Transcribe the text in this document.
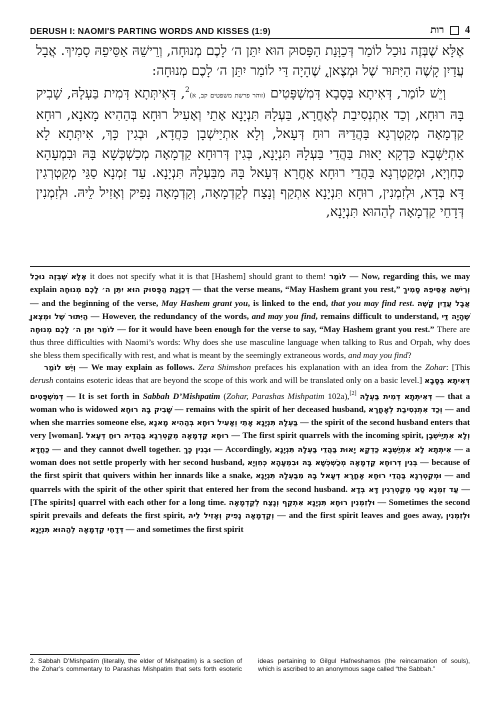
DERUSH I: NAOMI'S PARTING WORDS AND KISSES (1:9)	רות 4

אֶלָּא שֶׁבְּזֶה נוּכַל לוֹמַר דְּכַוָּנַת הַפָּסוּק הוּא יִתֵּן ה׳ לָכֶם מְנוּחָה, וְרֵישֵׁהּ אַסֵּיפֵהּ סָמִיךְ. אֲבָל עֲדַיִן קָשֶׁה הַיִּתּוּר שֶׁל וּמְצֶאןָ, שֶׁהָיָה דַּי לוֹמַר יִתֵּן ה׳ לָכֶם מְנוּחָה:

וְיֵשׁ לוֹמַר, דְּאִיתָא בְּסָבָא דְּמִשְׁפָּטִים (זוהר פרשת משפטים קב, א)$^2$, דְּאִיתְּתָא דְּמִית בַּעְלָהּ, שָׁבִיק בָּהּ רוּחָא, וְכַד אִתְנְסִיבַת לְאָחֳרָא, בַּעְלָהּ תִּנְיָנָא אָתֵי וְאָעִיל רוּחָא בְּהַהִיא מָאנָא, רוּחָא קַדְמָאָה מְקַטְרְגָא בַּהֲדֵיהּ רוּחַ דְּעָאל, וְלָא אִתְיַישְׁבָן כַּחֲדָא, וּבְגִין כָּךְ, אִיתְּתָא לָא אִתְיַשְּׁבָא כַּדְקָא יָאוּת בַּהֲדֵי בַּעְלָהּ תִּנְיָנָא, בְּגִין דְּרוּחָא קַדְמָאָה מְכַשְׁכְּשָׁא בָּהּ וּבִמְעָהָא כְּחִוְיָא, וּמְקַטְרְגָא בַּהֲדֵי רוּחָא אָחֳרָא דְּעָאל בָּהּ מִבַּעְלָהּ תִּנְיָנָא. עַד זִמְנָא סַגֵּי מְקַטְרְגִין דָּא בְּדָא, וּלְזִמְנִין, רוּחָא תִּנְיָנָא אִתְקַף וְנָצַח לְקַדְמָאָה, וְקַדְמָאָה נָפִיק וְאָזִיל לֵיהּ. וּלְזִמְנִין דְּדָחֵי קַדְמָאָה לְהַהוּא תִּנְיָנָא,

אֶלָּא שֶׁבְּזֶה נוּכַל it does not specify what it is that [Hashem] should grant to them! לוֹמַר — Now, regarding this, we may explain דְּכַוָּנַת הַפָּסוּק הוּא יִתֵּן ה׳ לָכֶם מְנוּחָה — that the verse means, “May Hashem grant you rest,” וְרֵישֵׁהּ אַסֵּיפֵהּ סָמִיךְ — and the beginning of the verse, May Hashem grant you, is linked to the end, that you may find rest. אֲבָל עֲדַיִן קָשֶׁה הַיִּתּוּר שֶׁל וּמְצֶאןָ — However, the redundancy of the words, and may you find, remains difficult to understand, שֶׁהָיָה דַּי לוֹמַר יִתֵּן ה׳ לָכֶם מְנוּחָה — for it would have been enough for the verse to say, “May Hashem grant you rest.” There are thus three difficulties with Naomi’s words: Why does she use masculine language when talking to Rus and Orpah, why does she bless them specifically with rest, and what is meant by the seemingly extraneous words, and may you find?

וְיֵשׁ לוֹמַר — We may explain as follows. Zera Shimshon prefaces his explanation with an idea from the Zohar: [This derush contains esoteric ideas that are beyond the scope of this work and will be translated only on a basic level.] דְּאִיתָא בְּסָבָא דְּמִשְׁפָּטִים — It is set forth in Sabbah D’Mishpatim (Zohar, Parashas Mishpatim 102a),[2] דְּאִיתְּתָא דְּמִית בַּעְלָהּ — that a woman who is widowed שָׁבִיק בָּהּ רוּחָא — remains with the spirit of her deceased husband, וְכַד אִתְנְסִיבַת לְאָחֳרָא — and when she marries someone else, בַּעְלָהּ תִּנְיָנָא אָתֵי וְאָעִיל רוּחָא בְּהַהִיא מָאנָא — the spirit of the second husband enters that very [woman]. רוּחָא קַדְמָאָה מְקַטְרְגָא בַּהֲדֵיהּ רוּחַ דְּעָאל — The first spirit quarrels with the incoming spirit, וְלָא אִתְיַישְׁבָן כַּחֲדָא — and they cannot dwell together. וּבְגִין כָּךְ — Accordingly, אִיתְּתָא לָא אִתְיַשְּׁבָא כַּדְקָא יָאוּת בַּהֲדֵי בַּעְלָהּ תִּנְיָנָא — a woman does not settle properly with her second husband, בְּגִין דְּרוּחָא קַדְמָאָה מְכַשְׁכְּשָׁא בָּהּ וּבִמְעָהָא כְּחִוְיָא — because of the first spirit that quivers within her innards like a snake, וּמְקַטְרְגָא בַּהֲדֵי רוּחָא אָחֳרָא דְּעָאל בָּהּ מִבַּעְלָהּ תִּנְיָנָא — and quarrels with the spirit of the other spirit that entered her from the second husband. עַד זִמְנָא סַגֵּי מְקַטְרְגִין דָּא בְּדָא — [The spirits] quarrel with each other for a long time. וּלְזִמְנִין רוּחָא תִּנְיָנָא אִתְקַף וְנָצַח לְקַדְמָאָה — Sometimes the second spirit prevails and defeats the first spirit, וְקַדְמָאָה נָפִיק וְאָזִיל לֵיהּ — and the first spirit leaves and goes away, וּלְזִמְנִין דְּדָחֵי קַדְמָאָה לְהַהוּא תִּנְיָנָא — and sometimes the first spirit

2. Sabbah D’Mishpatim (literally, the elder of Mishpatim) is a section of the Zohar’s commentary to Parashas Mishpatim that sets forth esoteric ideas pertaining to Gilgul Hafneshamos (the reincarnation of souls), which is ascribed to an anonymous sage called “the Sabbah.”
